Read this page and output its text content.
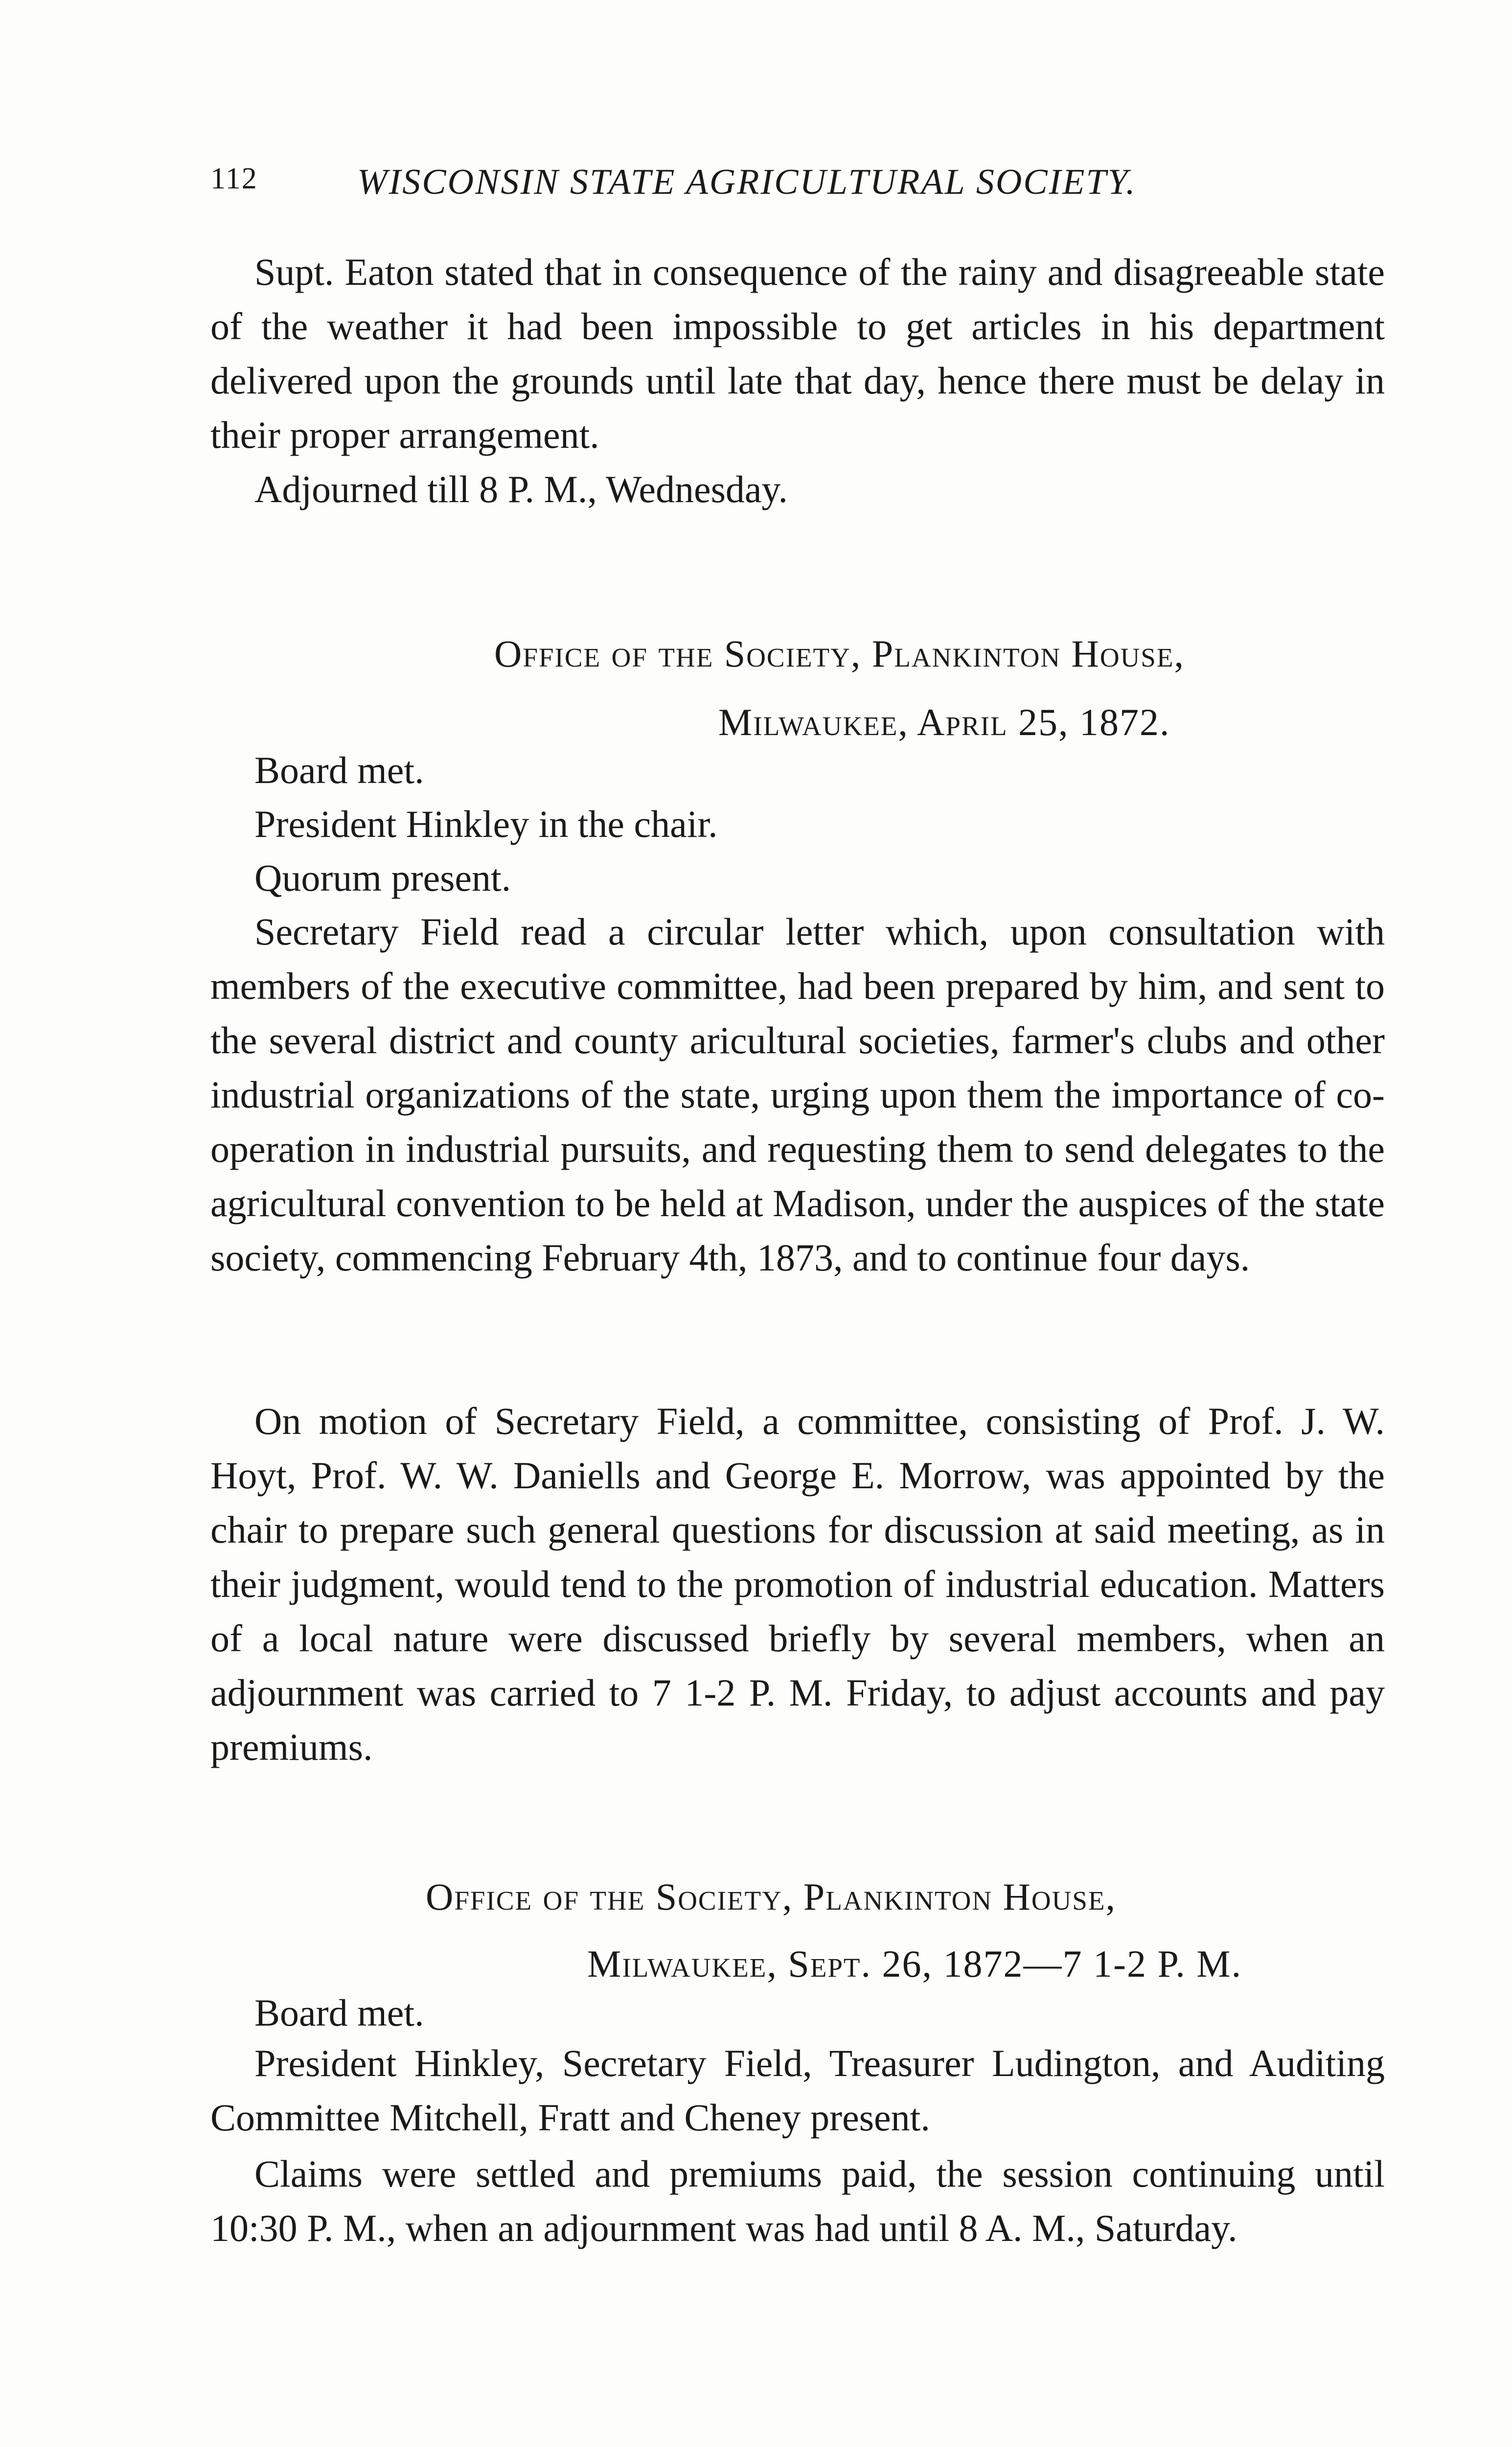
112	WISCONSIN STATE AGRICULTURAL SOCIETY.

Supt. Eaton stated that in consequence of the rainy and disagreeable state of the weather it had been impossible to get articles in his department delivered upon the grounds until late that day, hence there must be delay in their proper arrangement.

Adjourned till 8 P. M., Wednesday.
Office of the Society, Plankinton House,
Milwaukee, April 25, 1872.
Board met.
President Hinkley in the chair.
Quorum present.

Secretary Field read a circular letter which, upon consultation with members of the executive committee, had been prepared by him, and sent to the several district and county aricultural societies, farmer's clubs and other industrial organizations of the state, urging upon them the importance of co-operation in industrial pursuits, and requesting them to send delegates to the agricultural convention to be held at Madison, under the auspices of the state society, commencing February 4th, 1873, and to continue four days.

On motion of Secretary Field, a committee, consisting of Prof. J. W. Hoyt, Prof. W. W. Daniells and George E. Morrow, was appointed by the chair to prepare such general questions for discussion at said meeting, as in their judgment, would tend to the promotion of industrial education. Matters of a local nature were discussed briefly by several members, when an adjournment was carried to 7 1-2 P. M. Friday, to adjust accounts and pay premiums.

Office of the Society, Plankinton House,
Milwaukee, Sept. 26, 1872—7 1-2 P. M.
Board met.

President Hinkley, Secretary Field, Treasurer Ludington, and Auditing Committee Mitchell, Fratt and Cheney present.

Claims were settled and premiums paid, the session continuing until 10:30 P. M., when an adjournment was had until 8 A. M., Saturday.
